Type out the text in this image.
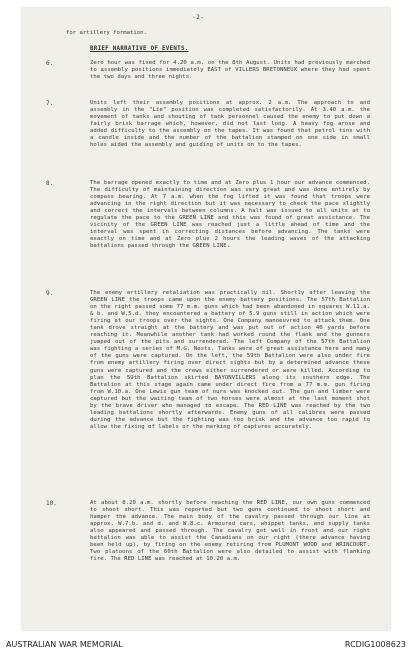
-2-
for artillery formation.
BRIEF NARRATIVE OF EVENTS.
6.	Zero hour was fixed for 4.20 a.m. on the 8th August. Units had previously marched to assembly positions immediately EAST of VILLERS BRETONNEUX where they had spent the two days and three nights.
7.	Units left their assembly positions at approx. 2 a.m. The approach to and assembly in the "Lie" position was completed satisfactorily. At 3.40 a.m. the movement of tanks and shouting of tank personnel caused the enemy to put down a fairly brisk barrage which, however, did not last long. A heavy fog arose and added difficulty to the assembly on the tapes. It was found that petrol tins with a candle inside and the number of the battalion stamped on one side in small holes aided the assembly and guiding of units on to the tapes.
8.	The barrage opened exactly to time and at Zero plus 1 hour our advance commenced. The difficulty of maintaining direction was very great and was done entirely by compass bearing. At 7 a.m. when the fog lifted it was found that troops were advancing in the right direction but it was necessary to check the pace slightly and correct the intervals between columns. A halt was issued to all units at to regulate the pace to the GREEN LINE and this was found of great assistance. The vicinity of the GREEN LINE was reached just a little ahead of time and the interval was spent in correcting distances before advancing. The tanks were exactly on time and at Zero plus 2 hours the leading waves of the attacking battalions passed through the GREEN LINE.
9.	The enemy artillery retaliation was practically nil. Shortly after leaving the GREEN LINE the troops came upon the enemy battery positions. The 57th Battalion on the right passed some 77 m.m. guns which had been abandoned in squares W.11.a. & b. and W.5.d. they encountered a battery of 5.9 guns still in action which were firing at our troops over the sights. One Company manoeuvred to attack them. One tank drove straight at the battery and was put out of action 40 yards before reaching it. Meanwhile another tank had worked round the flank and the gunners jumped out of the pits and surrendered. The left Company of the 57th Battalion was fighting a series of M.G. Nests. Tanks were of great assistance here and many of the guns were captured. On the left, the 59th Battalion were also under fire from enemy artillery firing over direct sights but by a determined advance these guns were captured and the crews either surrendered or were killed. According to plan the 59th Battalion skirted BAYONVILLERS along its southern edge. The Battalion at this stage again came under direct fire from a 77 m.m. gun firing from W.10.a. One Lewis gun team of ours was knocked out. The gun and limber were captured but the waiting team of two horses were almost at the last moment shot by the brave driver who managed to escape. The RED LINE was reached by the two leading battalions shortly afterwards. Enemy guns of all calibres were passed during the advance but the fighting was too brisk and the advance too rapid to allow the fixing of labels or the marking of captures accurately.
10.	At about 8.20 a.m. shortly before reaching the RED LINE, our own guns commenced to shoot short. This was reported but two guns continued to shoot short and hamper the advance. The main body of the cavalry passed through our line at approx. W.7.b. and d. and W.8.c. Armoured cars, whippet tanks, and supply tanks also appeared and passed through. The cavalry got well in front and our right battalion was able to assist the Canadians on our right (there advance having been held up), by firing on the enemy retiring from PLUMONT WOOD and WRINCOURT. Two platoons of the 60th Battalion were also detailed to assist with flanking fire. The RED LINE was reached at 10.20 a.m.
AUSTRALIAN WAR MEMORIAL	RCDIG1008623
